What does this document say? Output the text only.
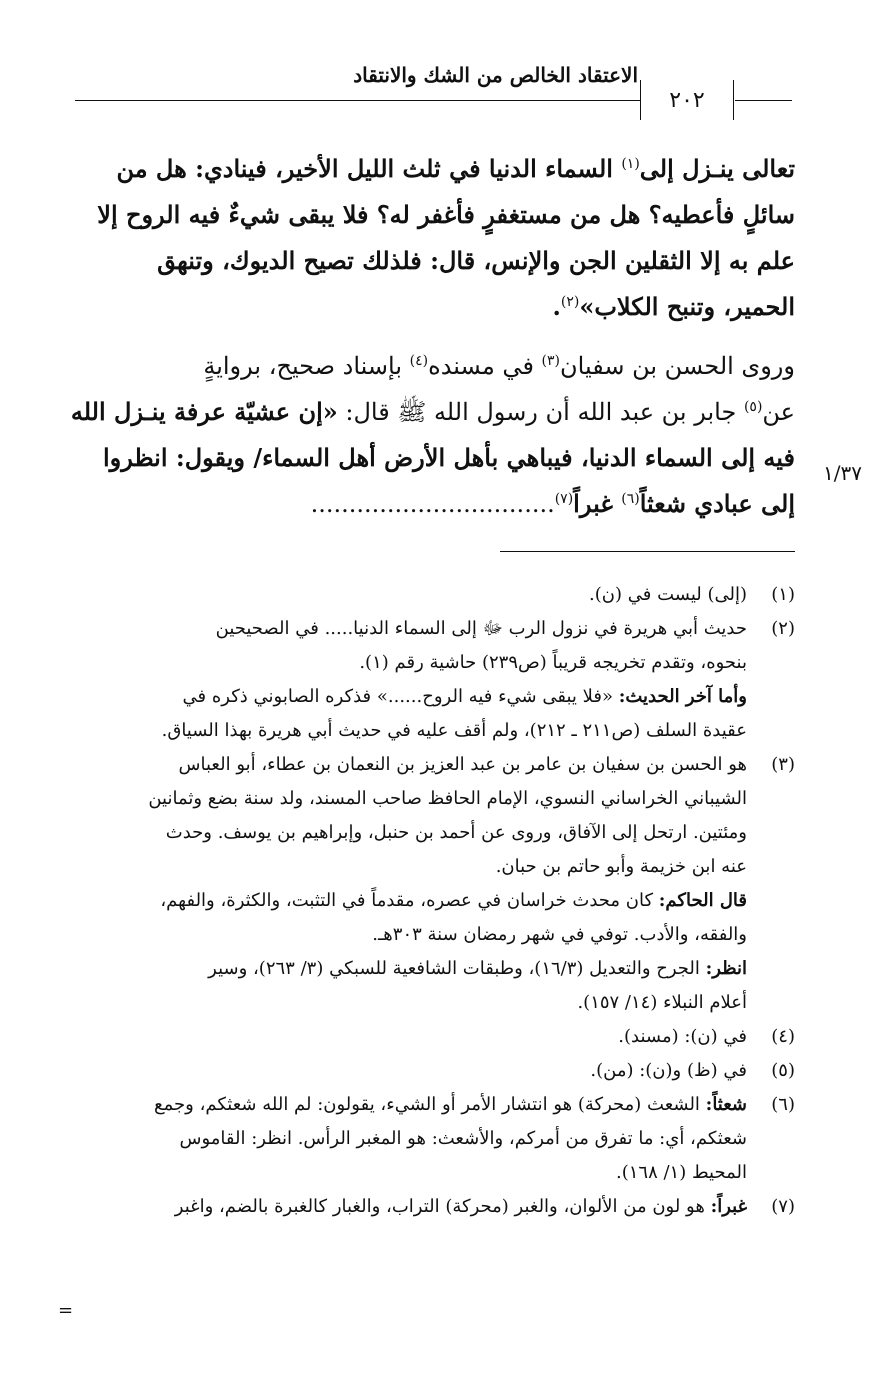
الاعتقاد الخالص من الشك والانتقاد
٢٠٢
تعالى ينـزل إلى$^{(١)}$ السماء الدنيا في ثلث الليل الأخير، فينادي: هل من
سائلٍ فأعطيه؟ هل من مستغفرٍ فأغفر له؟ فلا يبقى شيءٌ فيه الروح إلا
علم به إلا الثقلين الجن والإنس، قال: فلذلك تصيح الديوك، وتنهق
الحمير، وتنبح الكلاب»$^{(٢)}$.
وروى الحسن بن سفيان$^{(٣)}$ في مسنده$^{(٤)}$ بإسناد صحيح، بروايةٍ
عن$^{(٥)}$ جابر بن عبد الله أن رسول الله ﷺ قال: «إن عشيّة عرفة ينـزل الله
فيه إلى السماء الدنيا، فيباهي بأهل الأرض أهل السماء/ ويقول: انظروا
إلى عبادي شعثاً$^{(٦)}$ غبراً$^{(٧)}$................................
١/٣٧
(١)
(إلى) ليست في (ن).
(٢)
حديث أبي هريرة في نزول الرب ﷻ إلى السماء الدنيا..... في الصحيحين
بنحوه، وتقدم تخريجه قريباً (ص٢٣٩) حاشية رقم (١).
وأما آخر الحديث: «فلا يبقى شيء فيه الروح......» فذكره الصابوني ذكره في
عقيدة السلف (ص٢١١ ـ ٢١٢)، ولم أقف عليه في حديث أبي هريرة بهذا السياق.
(٣)
هو الحسن بن سفيان بن عامر بن عبد العزيز بن النعمان بن عطاء، أبو العباس
الشيباني الخراساني النسوي، الإمام الحافظ صاحب المسند، ولد سنة بضع وثمانين
ومئتين. ارتحل إلى الآفاق، وروى عن أحمد بن حنبل، وإبراهيم بن يوسف. وحدث
عنه ابن خزيمة وأبو حاتم بن حبان.
قال الحاكم: كان محدث خراسان في عصره، مقدماً في التثبت، والكثرة، والفهم،
والفقه، والأدب. توفي في شهر رمضان سنة ٣٠٣هـ.
انظر: الجرح والتعديل (١٦/٣)، وطبقات الشافعية للسبكي (٣/ ٢٦٣)، وسير
أعلام النبلاء (١٤/ ١٥٧).
(٤)
في (ن): (مسند).
(٥)
في (ظ) و(ن): (من).
(٦)
شعثاً: الشعث (محركة) هو انتشار الأمر أو الشيء، يقولون: لم الله شعثكم، وجمع
شعثكم، أي: ما تفرق من أمركم، والأشعث: هو المغبر الرأس. انظر: القاموس
المحيط (١/ ١٦٨).
(٧)
غبراً: هو لون من الألوان، والغبر (محركة) التراب، والغبار كالغبرة بالضم، واغبر
=
